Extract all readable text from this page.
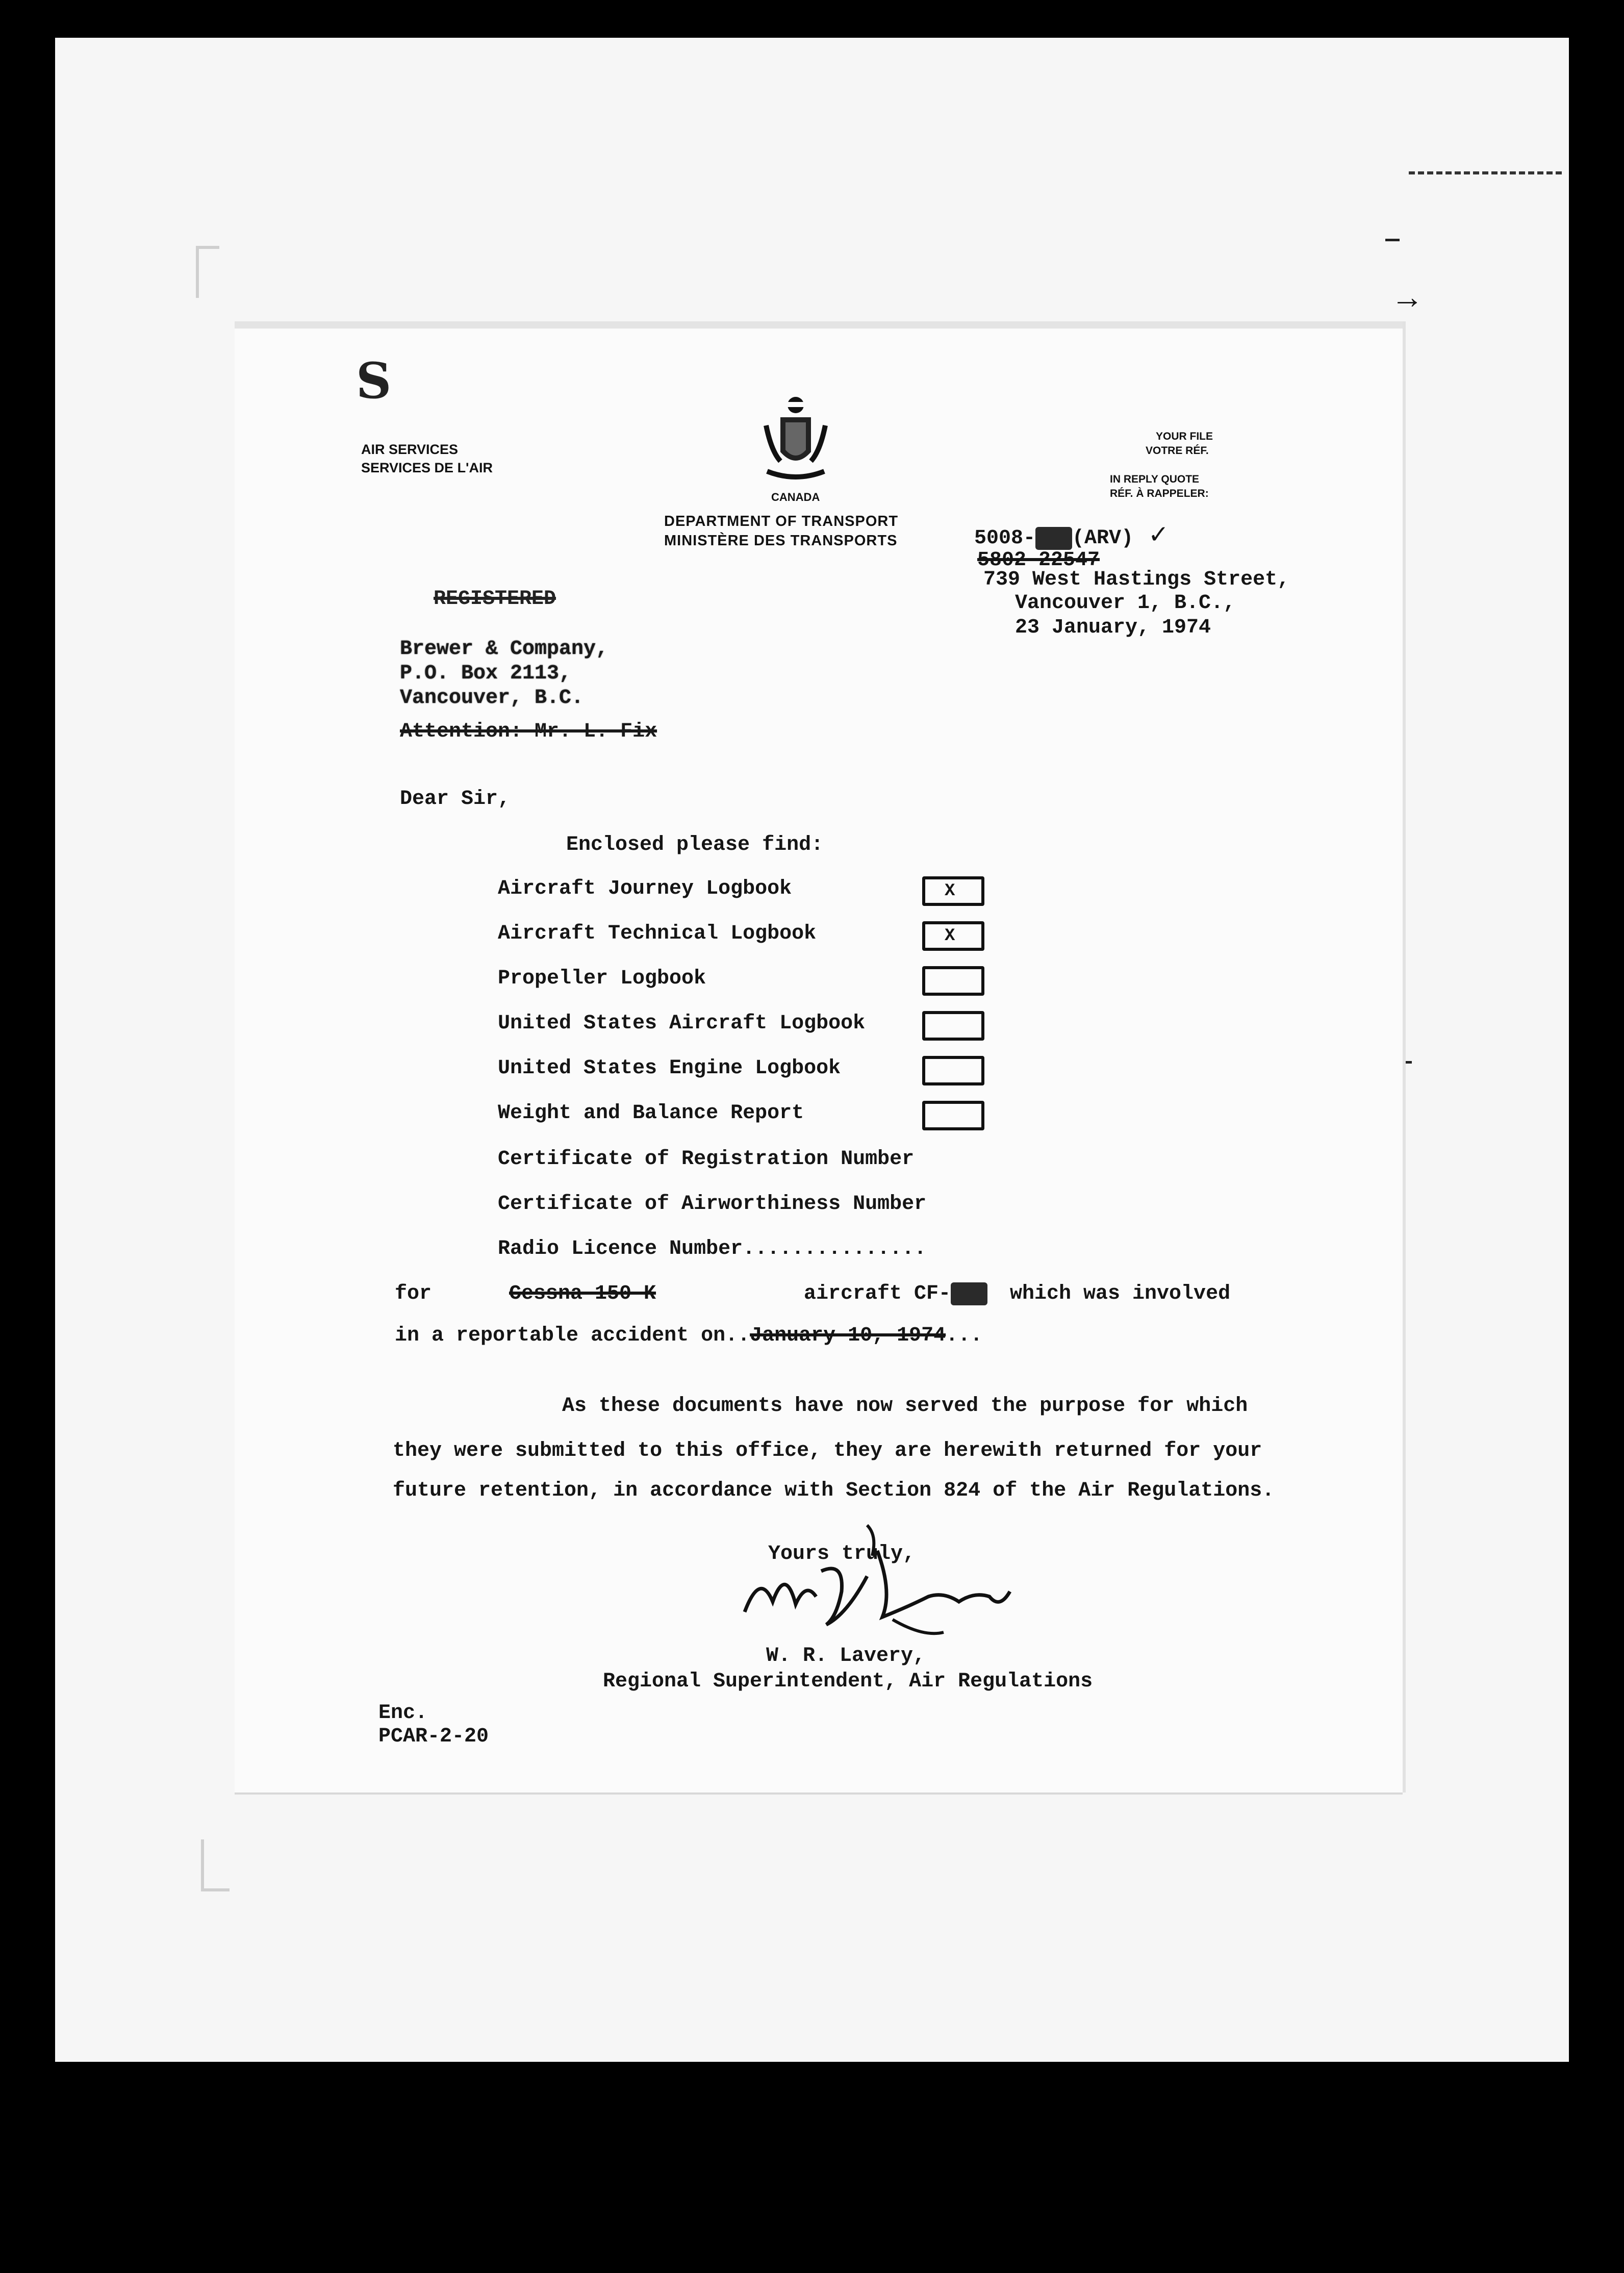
→
S
AIR SERVICES
SERVICES DE L'AIR
CANADA
DEPARTMENT OF TRANSPORT
MINISTÈRE DES TRANSPORTS
YOUR FILE
VOTRE RÉF.
IN REPLY QUOTE
RÉF. À RAPPELER:
5008- (ARV) ✓
5802-22547
739 West Hastings Street,
Vancouver 1, B.C.,
23 January, 1974
REGISTERED
Brewer & Company,
P.O. Box 2113,
Vancouver, B.C.
Attention: Mr. L. Fix
Dear Sir,
Enclosed please find:
Aircraft Journey Logbook	X
Aircraft Technical Logbook	X
Propeller Logbook
United States Aircraft Logbook
United States Engine Logbook
Weight and Balance Report
Certificate of Registration Number
Certificate of Airworthiness Number
Radio Licence Number...............
for	Cessna 150 K	aircraft CF-	which was involved
in a reportable accident on..January 10, 1974...
As these documents have now served the purpose for which
they were submitted to this office, they are herewith returned for your
future retention, in accordance with Section 824 of the Air Regulations.
Yours truly,
W. R. Lavery,
Regional Superintendent, Air Regulations
Enc.
PCAR-2-20
